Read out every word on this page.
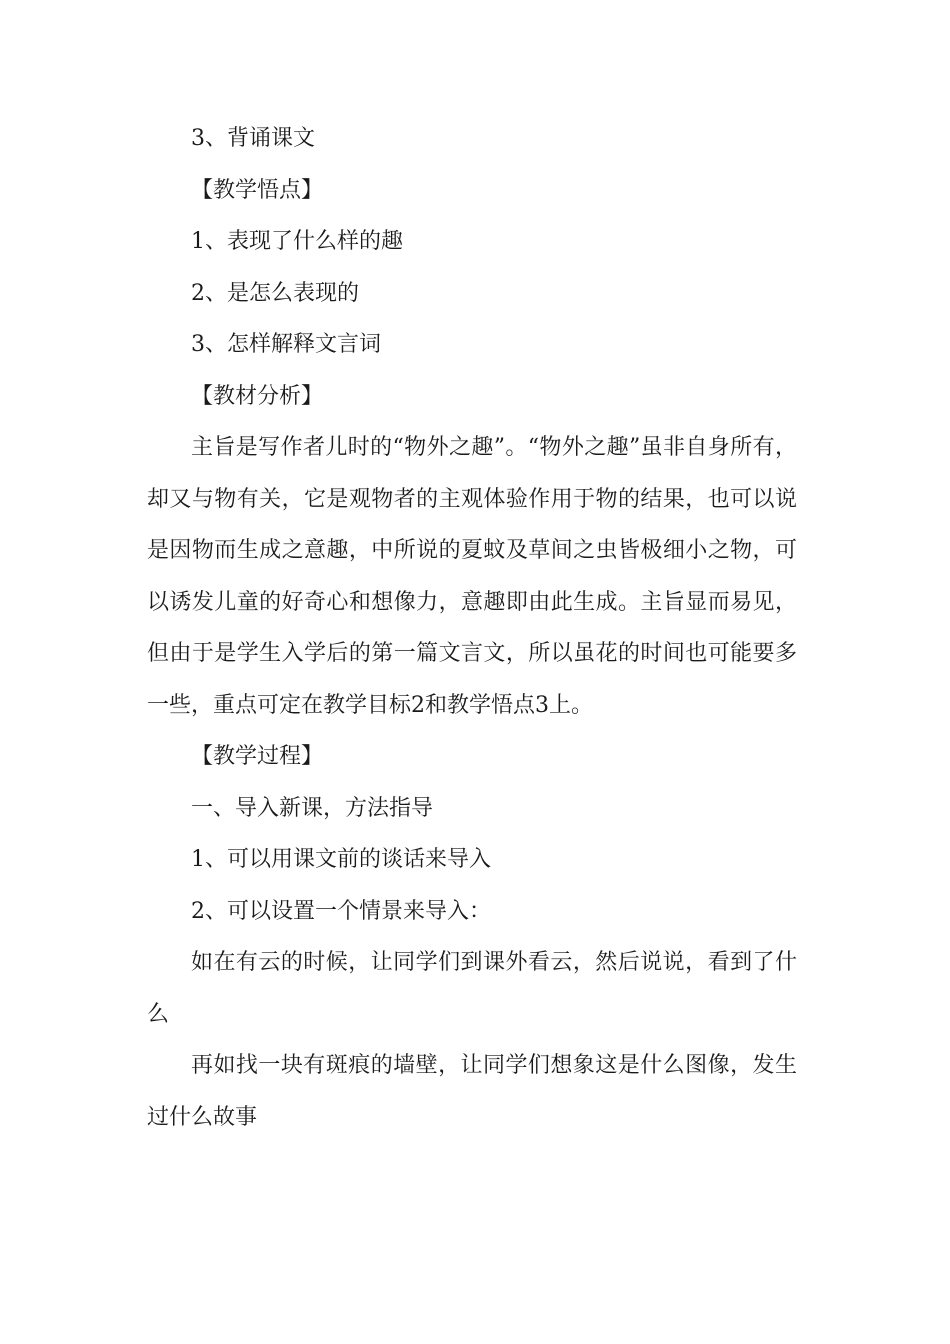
3、背诵课文

【教学悟点】

1、表现了什么样的趣

2、是怎么表现的

3、怎样解释文言词

【教材分析】

主旨是写作者儿时的“物外之趣”。“物外之趣”虽非自身所有，却又与物有关，它是观物者的主观体验作用于物的结果，也可以说是因物而生成之意趣，中所说的夏蚊及草间之虫皆极细小之物，可以诱发儿童的好奇心和想像力，意趣即由此生成。主旨显而易见，但由于是学生入学后的第一篇文言文，所以虽花的时间也可能要多一些，重点可定在教学目标2和教学悟点3上。

【教学过程】

一、导入新课，方法指导

1、可以用课文前的谈话来导入

2、可以设置一个情景来导入：

如在有云的时候，让同学们到课外看云，然后说说，看到了什么

再如找一块有斑痕的墙壁，让同学们想象这是什么图像，发生过什么故事
